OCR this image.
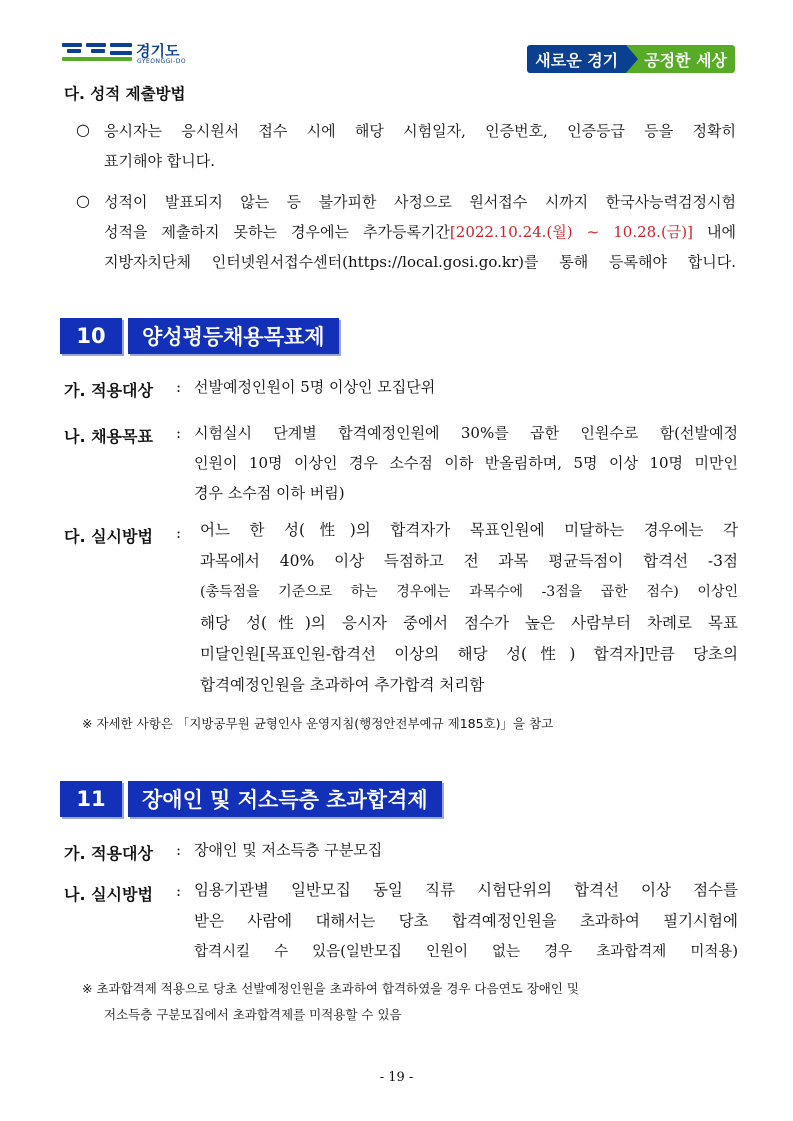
경기도
GYEONGGI-DO	새로운 경기	공정한 세상
다. 성적 제출방법
○ 응시자는 응시원서 접수 시에 해당 시험일자, 인증번호, 인증등급 등을 정확히
표기해야 합니다.
○ 성적이 발표되지 않는 등 불가피한 사정으로 원서접수 시까지 한국사능력검정시험
성적을 제출하지 못하는 경우에는 추가등록기간[2022.10.24.(월) ~ 10.28.(금)] 내에
지방자치단체 인터넷원서접수센터(https://local.gosi.go.kr)를 통해 등록해야 합니다.
10	양성평등채용목표제
가. 적용대상 : 선발예정인원이 5명 이상인 모집단위
나. 채용목표 : 시험실시 단계별 합격예정인원에 30%를 곱한 인원수로 함(선발예정
인원이 10명 이상인 경우 소수점 이하 반올림하며, 5명 이상 10명 미만인
경우 소수점 이하 버림)
다. 실시방법 : 어느 한 성(性)의 합격자가 목표인원에 미달하는 경우에는 각
과목에서 40% 이상 득점하고 전 과목 평균득점이 합격선 -3점
(총득점을 기준으로 하는 경우에는 과목수에 -3점을 곱한 점수) 이상인
해당 성(性)의 응시자 중에서 점수가 높은 사람부터 차례로 목표
미달인원[목표인원-합격선 이상의 해당 성(性) 합격자]만큼 당초의
합격예정인원을 초과하여 추가합격 처리함
※ 자세한 사항은 「지방공무원 균형인사 운영지침(행정안전부예규 제185호)」을 참고
11	장애인 및 저소득층 초과합격제
가. 적용대상 : 장애인 및 저소득층 구분모집
나. 실시방법 : 임용기관별 일반모집 동일 직류 시험단위의 합격선 이상 점수를
받은 사람에 대해서는 당초 합격예정인원을 초과하여 필기시험에
합격시킬 수 있음(일반모집 인원이 없는 경우 초과합격제 미적용)
※ 초과합격제 적용으로 당초 선발예정인원을 초과하여 합격하였을 경우 다음연도 장애인 및
저소득층 구분모집에서 초과합격제를 미적용할 수 있음
- 19 -
